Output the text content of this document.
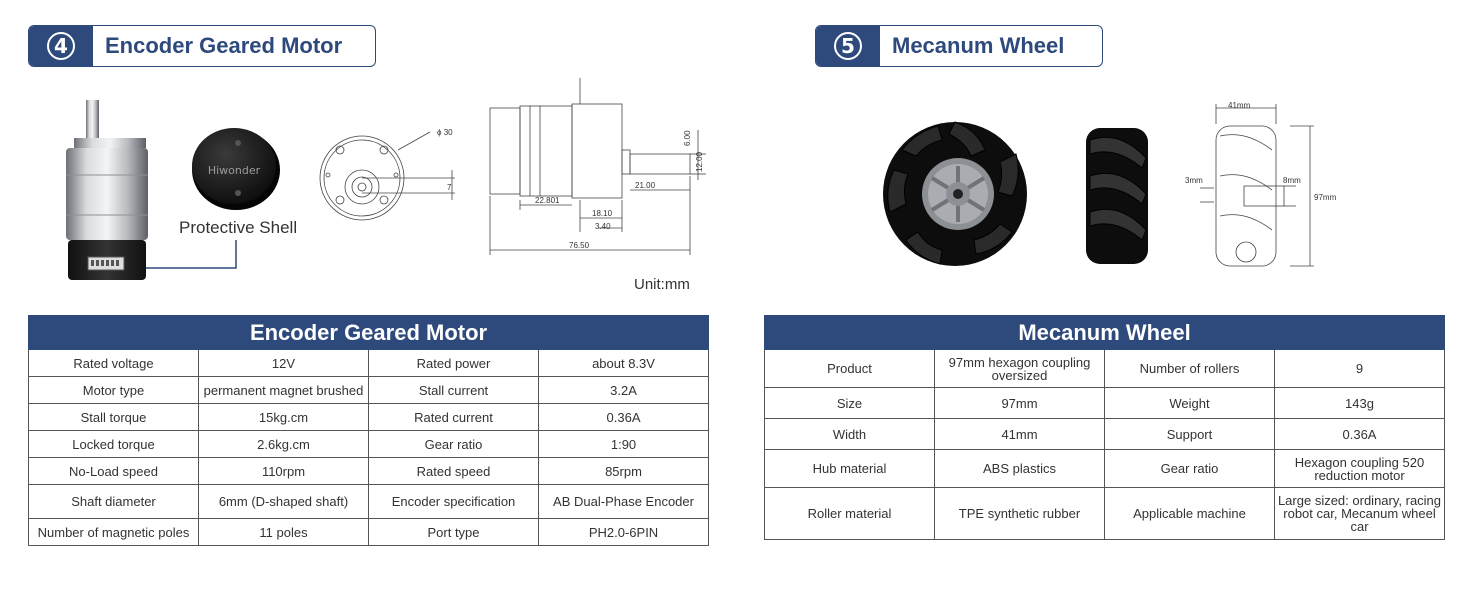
4	Encoder Geared Motor	5	Mecanum Wheel
Hiwonder
ϕ 30
7
22.801
18.10
3.40
21.00
76.50
6.00
12.00
41mm
3mm	8mm
97mm
Protective Shell
Unit:mm
Encoder Geared Motor			
Rated voltage	12V	Rated power	about 8.3V
Motor type	permanent magnet brushed	Stall current	3.2A
Stall torque	15kg.cm	Rated current	0.36A
Locked torque	2.6kg.cm	Gear ratio	1:90
No-Load speed	110rpm	Rated speed	85rpm
Shaft diameter	6mm (D-shaped shaft)	Encoder specification	AB Dual-Phase Encoder
Number of magnetic poles	11 poles	Port type	PH2.0-6PIN
Mecanum Wheel			
Product	97mm hexagon coupling oversized	Number of rollers	9
Size	97mm	Weight	143g
Width	41mm	Support	0.36A
Hub material	ABS plastics	Gear ratio	Hexagon coupling 520 reduction motor
Roller material	TPE synthetic rubber	Applicable machine	Large sized: ordinary, racing robot car, Mecanum wheel car
